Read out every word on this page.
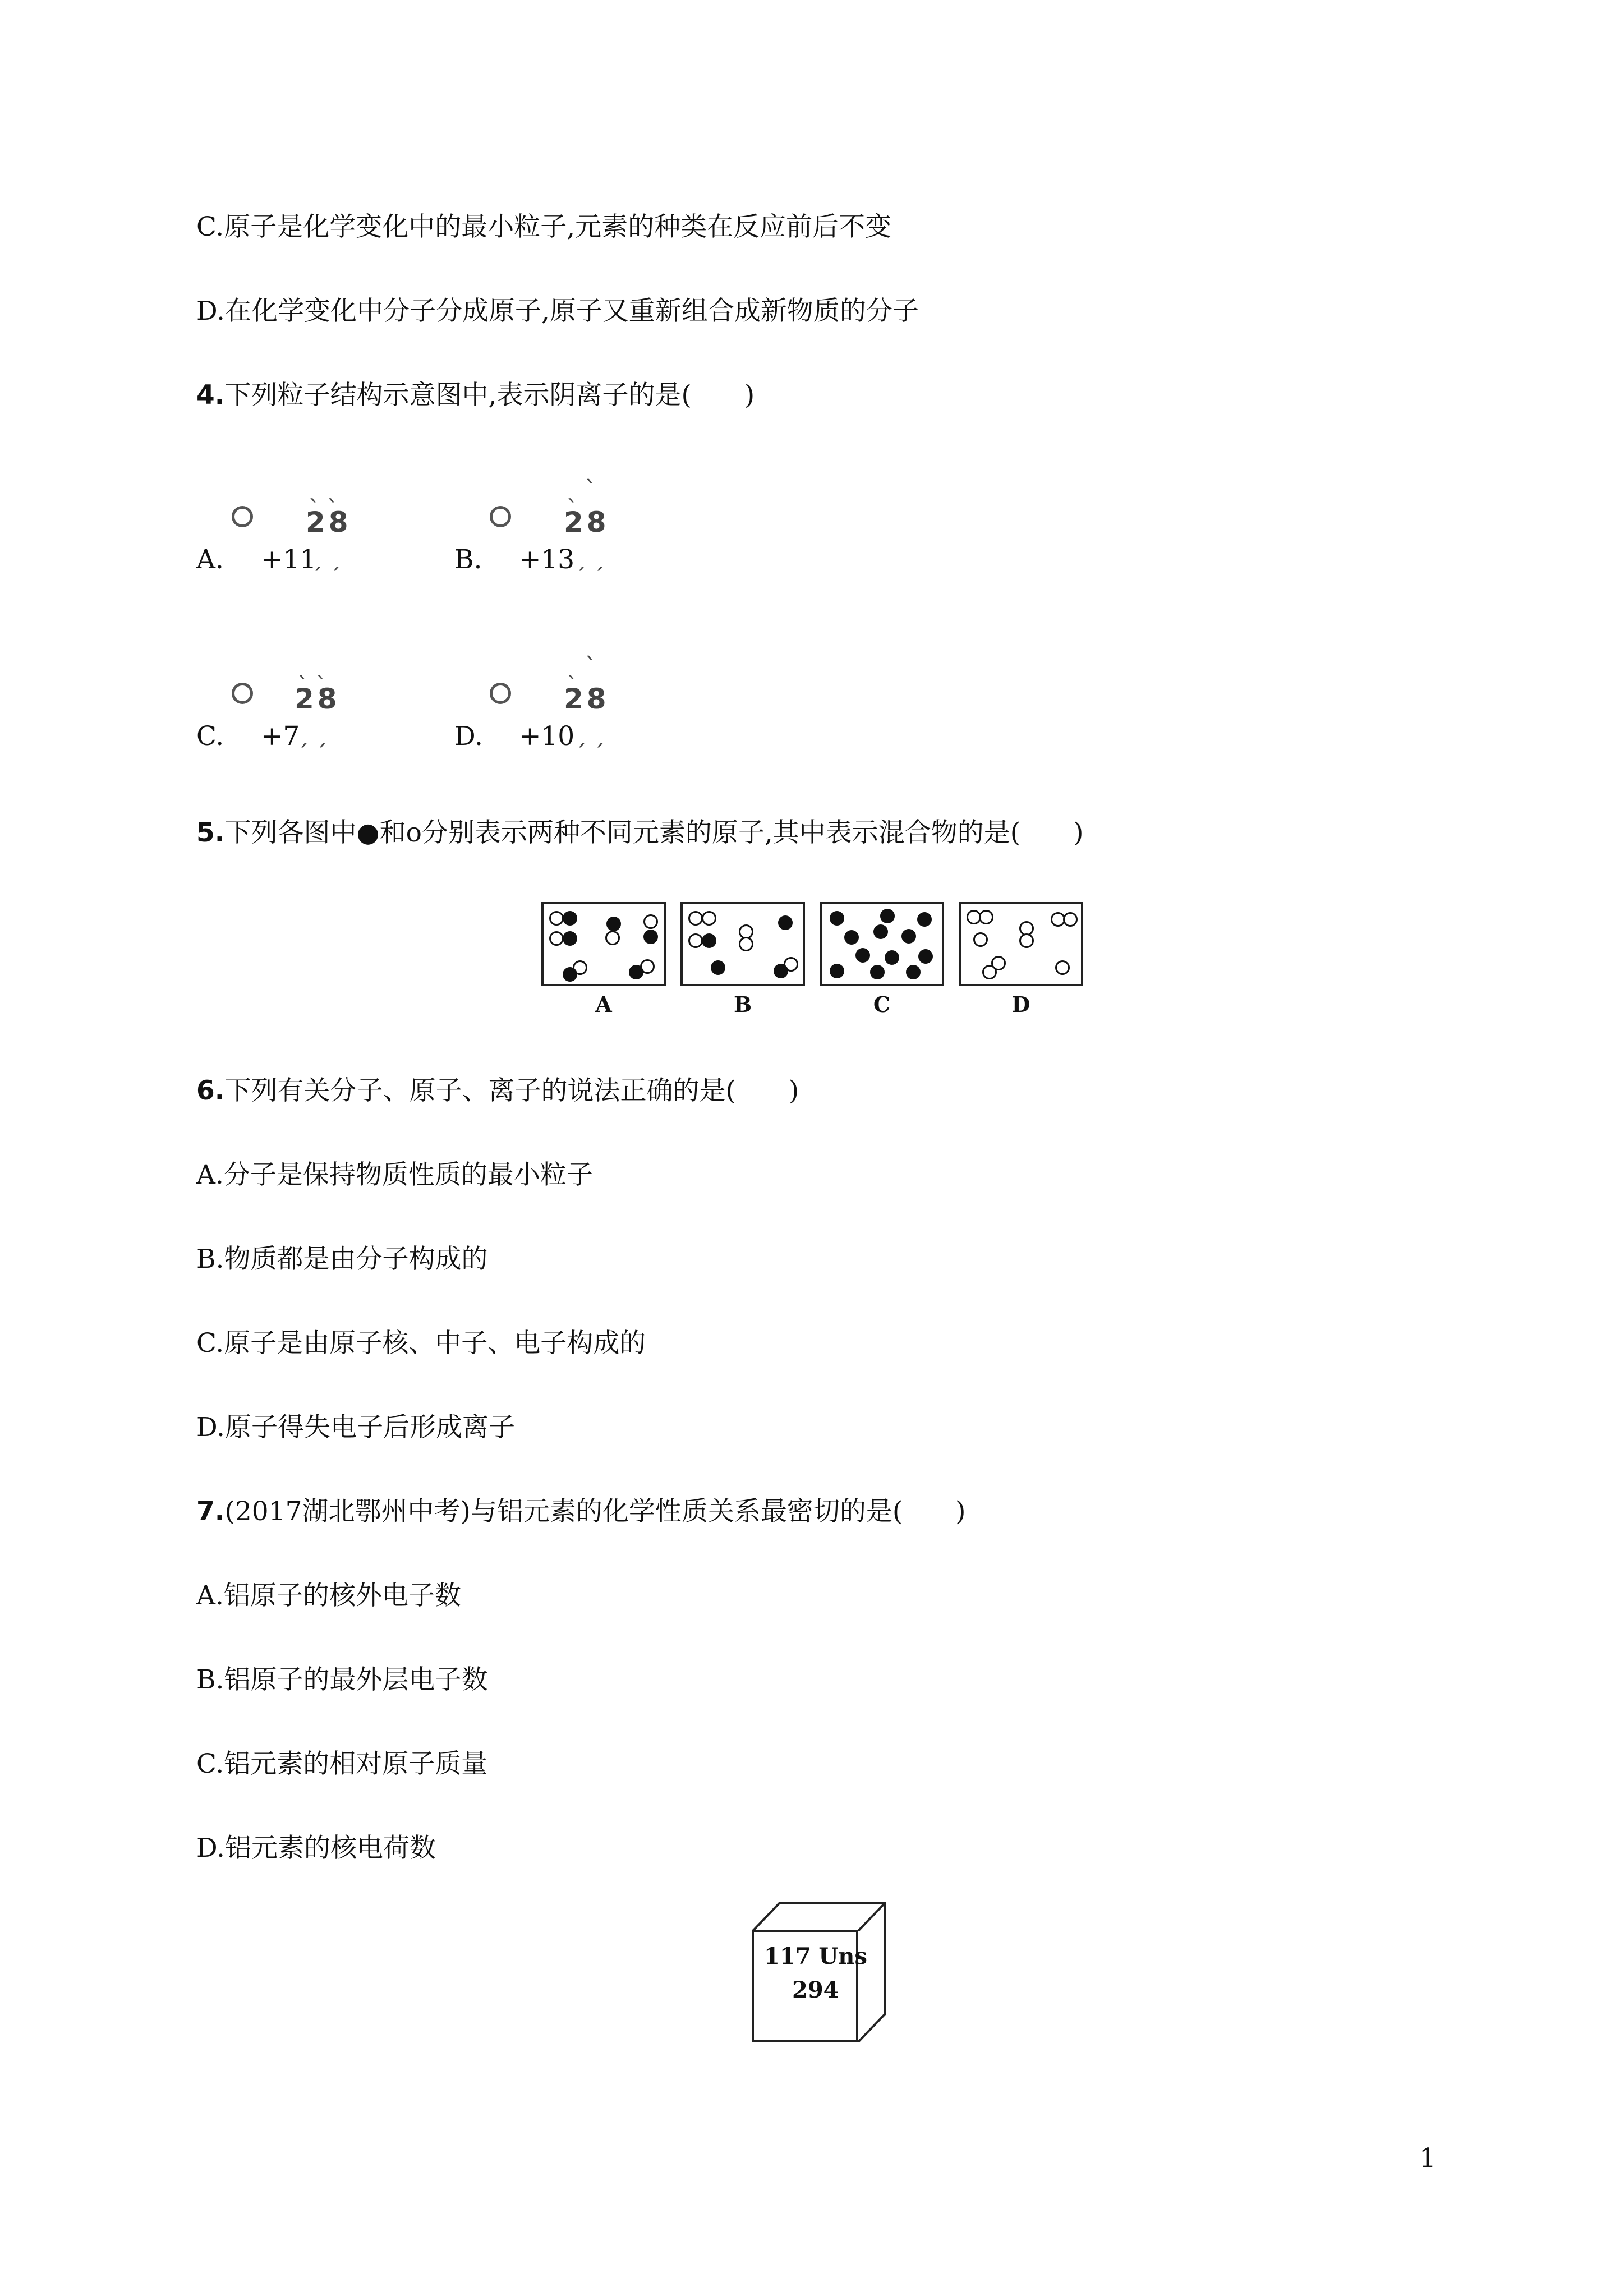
C.原子是化学变化中的最小粒子,元素的种类在反应前后不变
D.在化学变化中分子分成原子,原子又重新组合成新物质的分子
4.下列粒子结构示意图中,表示阴离子的是(　　)
A.
ˎ ˎ
28
+11
ˏ ˏ	B.
ˎ ˋ
28
+13 ˏ ˏ
C.
ˎ ˎ
28
+7
ˏ ˏ	D.
ˎ ˋ
28
+10 ˏ ˏ
5.下列各图中●和o分别表示两种不同元素的原子,其中表示混合物的是(　　)
A	B	C	D
6.下列有关分子、原子、离子的说法正确的是(　　)
A.分子是保持物质性质的最小粒子
B.物质都是由分子构成的
C.原子是由原子核、中子、电子构成的
D.原子得失电子后形成离子
7.(2017湖北鄂州中考)与铝元素的化学性质关系最密切的是(　　)
A.铝原子的核外电子数
B.铝原子的最外层电子数
C.铝元素的相对原子质量
D.铝元素的核电荷数
117 Uns
294
1
